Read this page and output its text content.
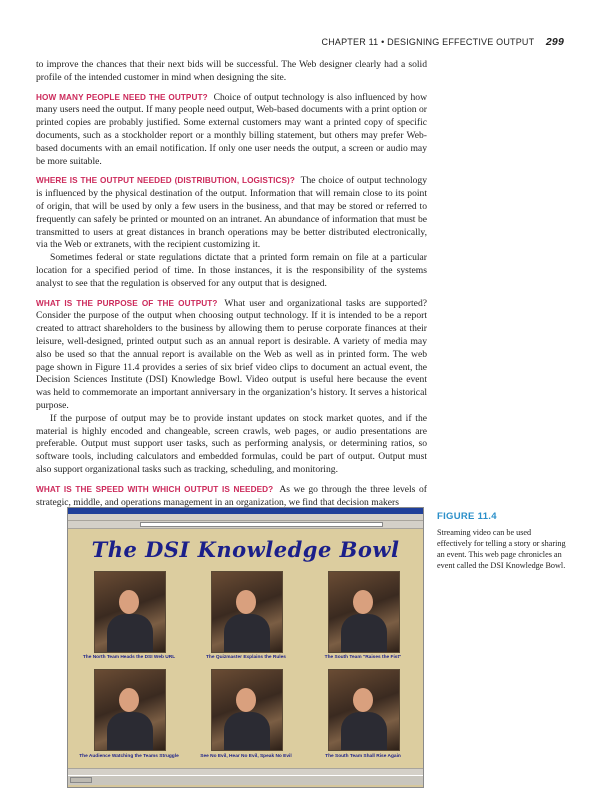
CHAPTER 11 • DESIGNING EFFECTIVE OUTPUT 299

to improve the chances that their next bids will be successful. The Web designer clearly had a solid profile of the intended customer in mind when designing the site.

HOW MANY PEOPLE NEED THE OUTPUT? Choice of output technology is also influenced by how many users need the output. If many people need output, Web-based documents with a print option or printed copies are probably justified. Some external customers may want a printed copy of specific documents, such as a stockholder report or a monthly billing statement, but others may prefer Web-based documents with an email notification. If only one user needs the output, a screen or audio may be more suitable.

WHERE IS THE OUTPUT NEEDED (DISTRIBUTION, LOGISTICS)? The choice of output technology is influenced by the physical destination of the output. Information that will remain close to its point of origin, that will be used by only a few users in the business, and that may be stored or referred to frequently can safely be printed or mounted on an intranet. An abundance of information that must be transmitted to users at great distances in branch operations may be better distributed electronically, via the Web or extranets, with the recipient customizing it.

Sometimes federal or state regulations dictate that a printed form remain on file at a particular location for a specified period of time. In those instances, it is the responsibility of the systems analyst to see that the regulation is observed for any output that is designed.

WHAT IS THE PURPOSE OF THE OUTPUT? What user and organizational tasks are supported? Consider the purpose of the output when choosing output technology. If it is intended to be a report created to attract shareholders to the business by allowing them to peruse corporate finances at their leisure, well-designed, printed output such as an annual report is desirable. A variety of media may also be used so that the annual report is available on the Web as well as in printed form. The web page shown in Figure 11.4 provides a series of six brief video clips to document an actual event, the Decision Sciences Institute (DSI) Knowledge Bowl. Video output is useful here because the event was held to commemorate an important anniversary in the organization’s history. It serves a historical purpose.

If the purpose of output may be to provide instant updates on stock market quotes, and if the material is highly encoded and changeable, screen crawls, web pages, or audio presentations are preferable. Output must support user tasks, such as performing analysis, or determining ratios, so software tools, including calculators and embedded formulas, could be part of output. Output must also support organizational tasks such as tracking, scheduling, and monitoring.

WHAT IS THE SPEED WITH WHICH OUTPUT IS NEEDED? As we go through the three levels of strategic, middle, and operations management in an organization, we find that decision makers

The DSI Knowledge Bowl
The North Team Heads the DSI Web URL	The Quizmaster Explains the Rules	The South Team "Raises the Fist"
The Audience Watching the Teams Struggle	See No Evil, Hear No Evil, Speak No Evil	The South Team Shall Rise Again
FIGURE 11.4
Streaming video can be used effectively for telling a story or sharing an event. This web page chronicles an event called the DSI Knowledge Bowl.
